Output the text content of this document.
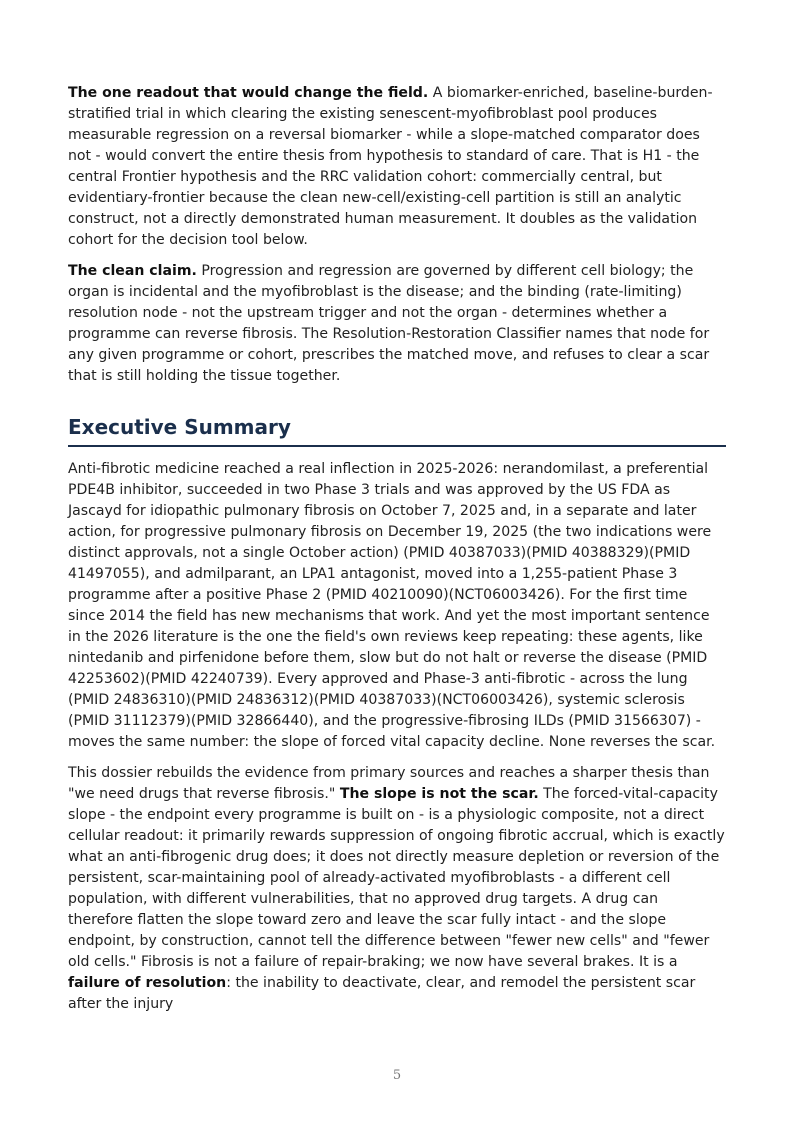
The one readout that would change the field. A biomarker-enriched, baseline-burden-stratified trial in which clearing the existing senescent-myofibroblast pool produces measurable regression on a reversal biomarker - while a slope-matched comparator does not - would convert the entire thesis from hypothesis to standard of care. That is H1 - the central Frontier hypothesis and the RRC validation cohort: commercially central, but evidentiary-frontier because the clean new-cell/existing-cell partition is still an analytic construct, not a directly demonstrated human measurement. It doubles as the validation cohort for the decision tool below.

The clean claim. Progression and regression are governed by different cell biology; the organ is incidental and the myofibroblast is the disease; and the binding (rate-limiting) resolution node - not the upstream trigger and not the organ - determines whether a programme can reverse fibrosis. The Resolution-Restoration Classifier names that node for any given programme or cohort, prescribes the matched move, and refuses to clear a scar that is still holding the tissue together.

Executive Summary

Anti-fibrotic medicine reached a real inflection in 2025-2026: nerandomilast, a preferential PDE4B inhibitor, succeeded in two Phase 3 trials and was approved by the US FDA as Jascayd for idiopathic pulmonary fibrosis on October 7, 2025 and, in a separate and later action, for progressive pulmonary fibrosis on December 19, 2025 (the two indications were distinct approvals, not a single October action) (PMID 40387033)(PMID 40388329)(PMID 41497055), and admilparant, an LPA1 antagonist, moved into a 1,255-patient Phase 3 programme after a positive Phase 2 (PMID 40210090)(NCT06003426). For the first time since 2014 the field has new mechanisms that work. And yet the most important sentence in the 2026 literature is the one the field's own reviews keep repeating: these agents, like nintedanib and pirfenidone before them, slow but do not halt or reverse the disease (PMID 42253602)(PMID 42240739). Every approved and Phase-3 anti-fibrotic - across the lung (PMID 24836310)(PMID 24836312)(PMID 40387033)(NCT06003426), systemic sclerosis (PMID 31112379)(PMID 32866440), and the progressive-fibrosing ILDs (PMID 31566307) - moves the same number: the slope of forced vital capacity decline. None reverses the scar.

This dossier rebuilds the evidence from primary sources and reaches a sharper thesis than "we need drugs that reverse fibrosis." The slope is not the scar. The forced-vital-capacity slope - the endpoint every programme is built on - is a physiologic composite, not a direct cellular readout: it primarily rewards suppression of ongoing fibrotic accrual, which is exactly what an anti-fibrogenic drug does; it does not directly measure depletion or reversion of the persistent, scar-maintaining pool of already-activated myofibroblasts - a different cell population, with different vulnerabilities, that no approved drug targets. A drug can therefore flatten the slope toward zero and leave the scar fully intact - and the slope endpoint, by construction, cannot tell the difference between "fewer new cells" and "fewer old cells." Fibrosis is not a failure of repair-braking; we now have several brakes. It is a failure of resolution: the inability to deactivate, clear, and remodel the persistent scar after the injury

5
